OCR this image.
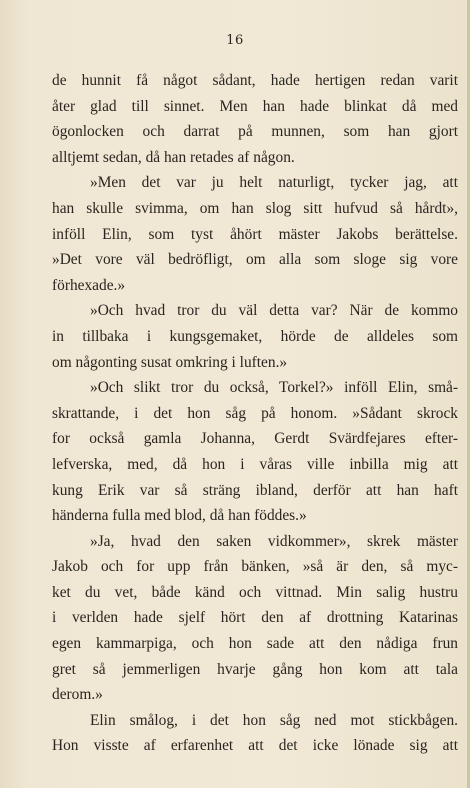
16
de hunnit få något sådant, hade hertigen redan varit
åter glad till sinnet. Men han hade blinkat då med
ögonlocken och darrat på munnen, som han gjort
alltjemt sedan, då han retades af någon.
»Men det var ju helt naturligt, tycker jag, att
han skulle svimma, om han slog sitt hufvud så hårdt»,
inföll Elin, som tyst åhört mäster Jakobs berättelse.
»Det vore väl bedröfligt, om alla som sloge sig vore
förhexade.»
»Och hvad tror du väl detta var? När de kommo
in tillbaka i kungsgemaket, hörde de alldeles som
om någonting susat omkring i luften.»
»Och slikt tror du också, Torkel?» inföll Elin, små-
skrattande, i det hon såg på honom. »Sådant skrock
for också gamla Johanna, Gerdt Svärdfejares efter-
lefverska, med, då hon i våras ville inbilla mig att
kung Erik var så sträng ibland, derför att han haft
händerna fulla med blod, då han föddes.»
»Ja, hvad den saken vidkommer», skrek mäster
Jakob och for upp från bänken, »så är den, så myc-
ket du vet, både känd och vittnad. Min salig hustru
i verlden hade sjelf hört den af drottning Katarinas
egen kammarpiga, och hon sade att den nådiga frun
gret så jemmerligen hvarje gång hon kom att tala
derom.»
Elin smålog, i det hon såg ned mot stickbågen.
Hon visste af erfarenhet att det icke lönade sig att
